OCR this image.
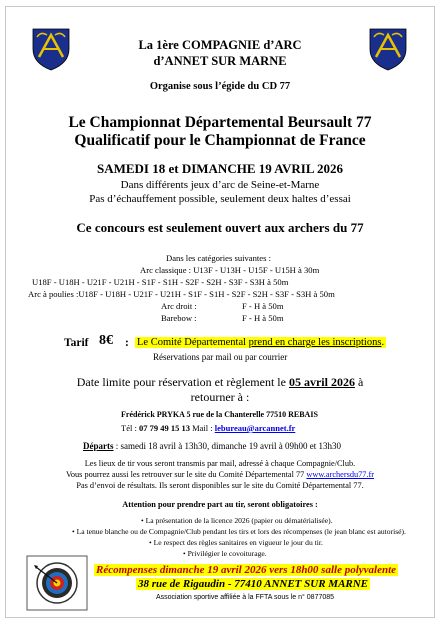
La 1ère COMPAGNIE d’ARC
d’ANNET SUR MARNE
Organise sous l’égide du CD 77
Le Championnat Départemental Beursault 77
Qualificatif pour le Championnat de France
SAMEDI 18 et DIMANCHE 19 AVRIL 2026
Dans différents jeux d’arc de Seine-et-Marne
Pas d’échauffement possible, seulement deux haltes d’essai
Ce concours est seulement ouvert aux archers du 77
Dans les catégories suivantes :
Arc classique : U13F - U13H - U15F - U15H à 30m
U18F - U18H - U21F - U21H - S1F - S1H - S2F - S2H - S3F - S3H à 50m
Arc à poulies :U18F - U18H - U21F - U21H - S1F - S1H - S2F - S2H - S3F - S3H à 50m
Arc droit :	F - H à 50m
Barebow :	F - H à 50m
Tarif 8€ : Le Comité Départemental prend en charge les inscriptions.
Réservations par mail ou par courrier
Date limite pour réservation et règlement le 05 avril 2026 à
retourner à :
Frédérick PRYKA 5 rue de la Chanterelle 77510 REBAIS
Tél : 07 79 49 15 13 Mail : lebureau@arcannet.fr
Départs : samedi 18 avril à 13h30, dimanche 19 avril à 09h00 et 13h30
Les lieux de tir vous seront transmis par mail, adressé à chaque Compagnie/Club.
Vous pourrez aussi les retrouver sur le site du Comité Départemental 77 www.archersdu77.fr
Pas d’envoi de résultats. Ils seront disponibles sur le site du Comité Départemental 77.
Attention pour prendre part au tir, seront obligatoires :
• La présentation de la licence 2026 (papier ou dématérialisée).
• La tenue blanche ou de Compagnie/Club pendant les tirs et lors des récompenses (le jean blanc est autorisé).
• Le respect des règles sanitaires en vigueur le jour du tir.
• Privilégier le covoiturage.
Récompenses dimanche 19 avril 2026 vers 18h00 salle polyvalente
38 rue de Rigaudin - 77410 ANNET SUR MARNE
Association sportive affiliée à la FFTA sous le n° 0877085
